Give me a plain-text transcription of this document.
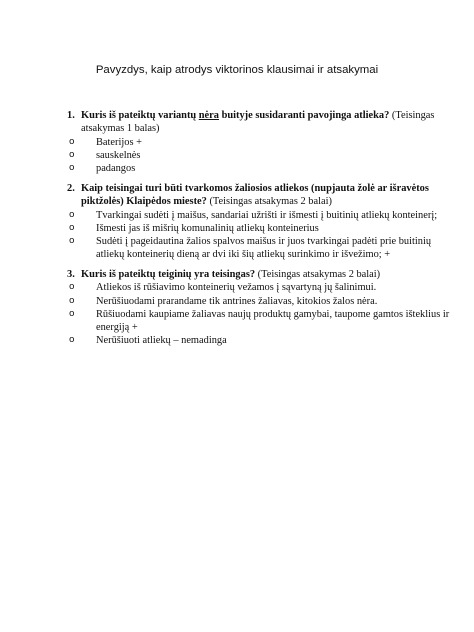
Pavyzdys, kaip atrodys viktorinos klausimai ir atsakymai
1. Kuris iš pateiktų variantų nėra buityje susidaranti pavojinga atlieka? (Teisingas atsakymas 1 balas)
o Baterijos +
o sauskelnės
o padangos
2. Kaip teisingai turi būti tvarkomos žaliosios atliekos (nupjauta žolė ar išravėtos piktžolės) Klaipėdos mieste? (Teisingas atsakymas 2 balai)
o Tvarkingai sudėti į maišus, sandariai užrišti ir išmesti į buitinių atliekų konteinerį;
o Išmesti jas iš mišrių komunalinių atliekų konteinerius
o Sudėti į pageidautina žalios spalvos maišus ir juos tvarkingai padėti prie buitinių atliekų konteinerių dieną ar dvi iki šių atliekų surinkimo ir išvežimo; +
3. Kuris iš pateiktų teiginių yra teisingas? (Teisingas atsakymas 2 balai)
o Atliekos iš rūšiavimo konteinerių vežamos į sąvartyną jų šalinimui.
o Nerūšiuodami prarandame tik antrines žaliavas, kitokios žalos nėra.
o Rūšiuodami kaupiame žaliavas naujų produktų gamybai, taupome gamtos išteklius ir energiją +
o Nerūšiuoti atliekų – nemadinga
